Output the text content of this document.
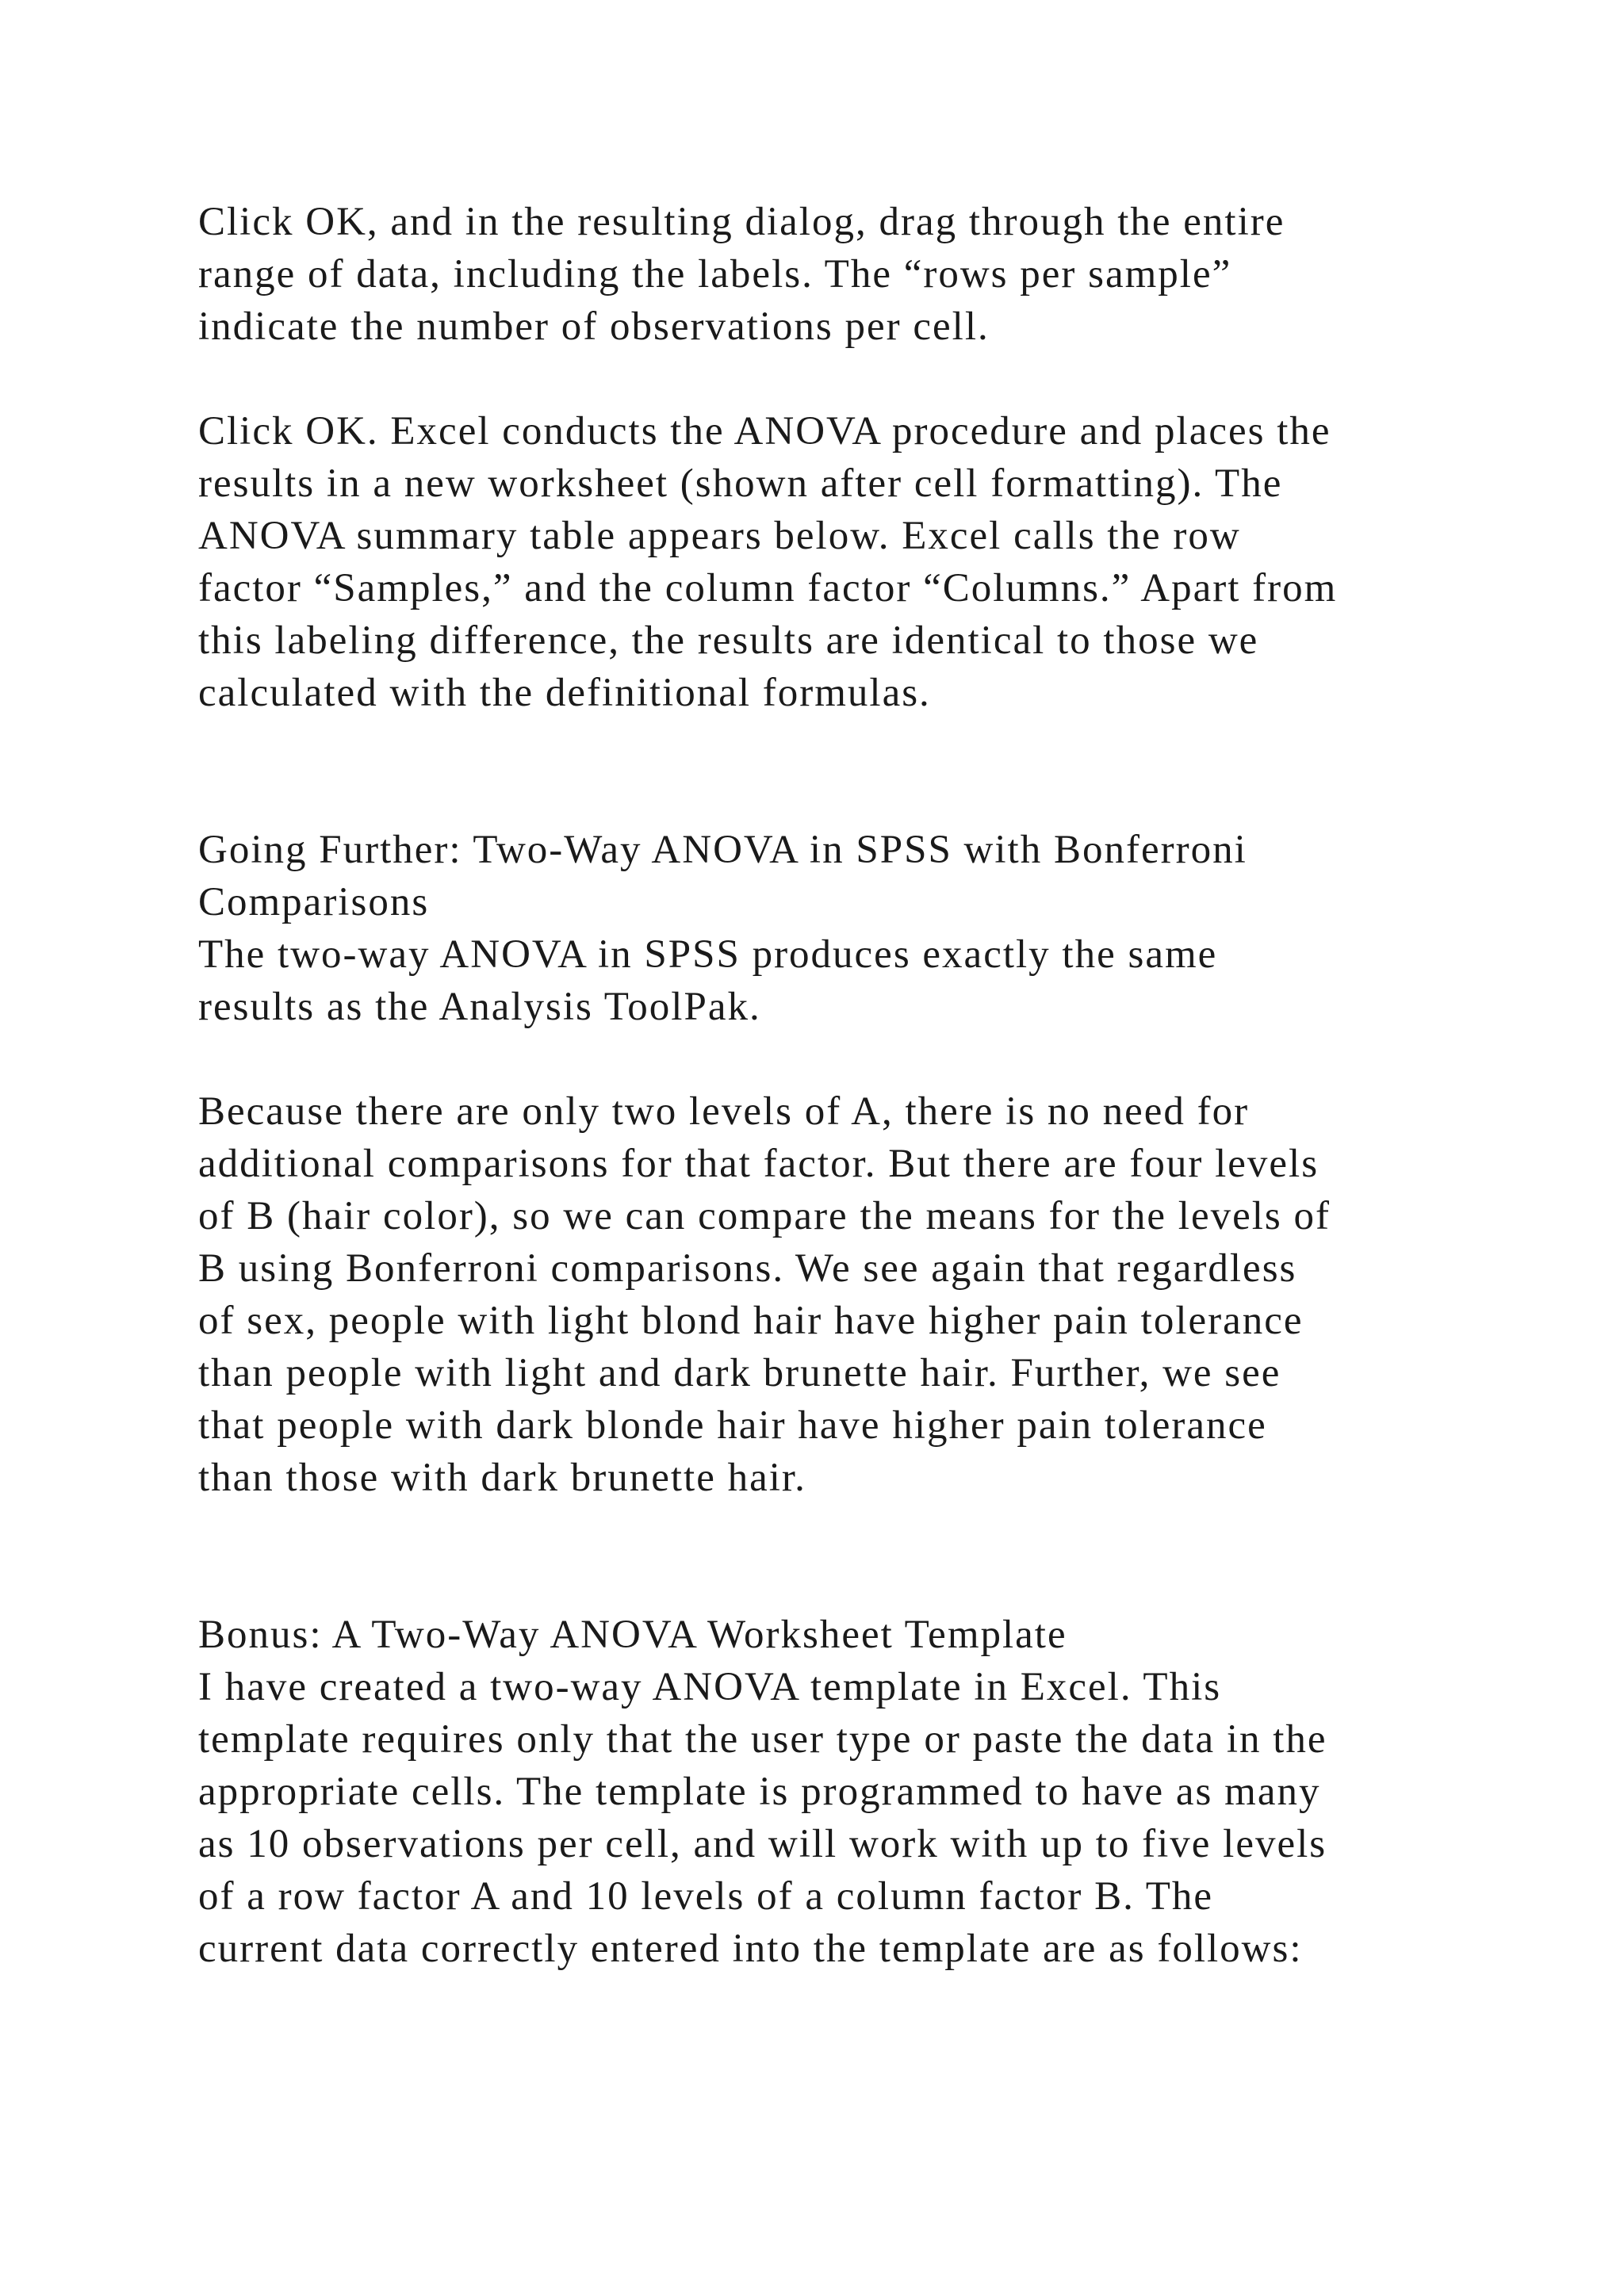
Click OK, and in the resulting dialog, drag through the entire
range of data, including the labels. The “rows per sample”
indicate the number of observations per cell.
Click OK. Excel conducts the ANOVA procedure and places the
results in a new worksheet (shown after cell formatting). The
ANOVA summary table appears below. Excel calls the row
factor “Samples,” and the column factor “Columns.” Apart from
this labeling difference, the results are identical to those we
calculated with the definitional formulas.
Going Further: Two-Way ANOVA in SPSS with Bonferroni
Comparisons
The two-way ANOVA in SPSS produces exactly the same
results as the Analysis ToolPak.
Because there are only two levels of A, there is no need for
additional comparisons for that factor. But there are four levels
of B (hair color), so we can compare the means for the levels of
B using Bonferroni comparisons. We see again that regardless
of sex, people with light blond hair have higher pain tolerance
than people with light and dark brunette hair. Further, we see
that people with dark blonde hair have higher pain tolerance
than those with dark brunette hair.
Bonus: A Two-Way ANOVA Worksheet Template
I have created a two-way ANOVA template in Excel. This
template requires only that the user type or paste the data in the
appropriate cells. The template is programmed to have as many
as 10 observations per cell, and will work with up to five levels
of a row factor A and 10 levels of a column factor B. The
current data correctly entered into the template are as follows:
